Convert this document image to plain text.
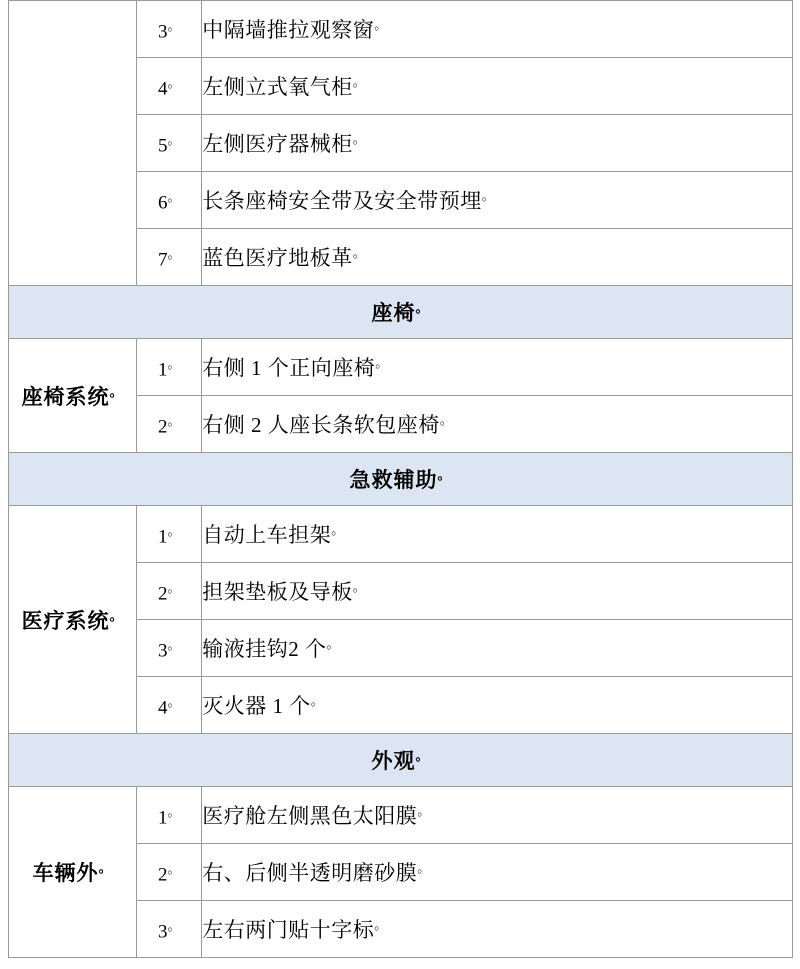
	3。	中隔墙推拉观察窗。
	4。	左侧立式氧气柜。
	5。	左侧医疗器械柜。
	6。	长条座椅安全带及安全带预埋。
	7。	蓝色医疗地板革。
座椅。
座椅系统。	1。	右侧 1 个正向座椅。
	2。	右侧 2 人座长条软包座椅。
急救辅助。
医疗系统。	1。	自动上车担架。
	2。	担架垫板及导板。
	3。	输液挂钩2 个。
	4。	灭火器 1 个。
外观。
车辆外。	1。	医疗舱左侧黑色太阳膜。
	2。	右、后侧半透明磨砂膜。
	3。	左右两门贴十字标。
